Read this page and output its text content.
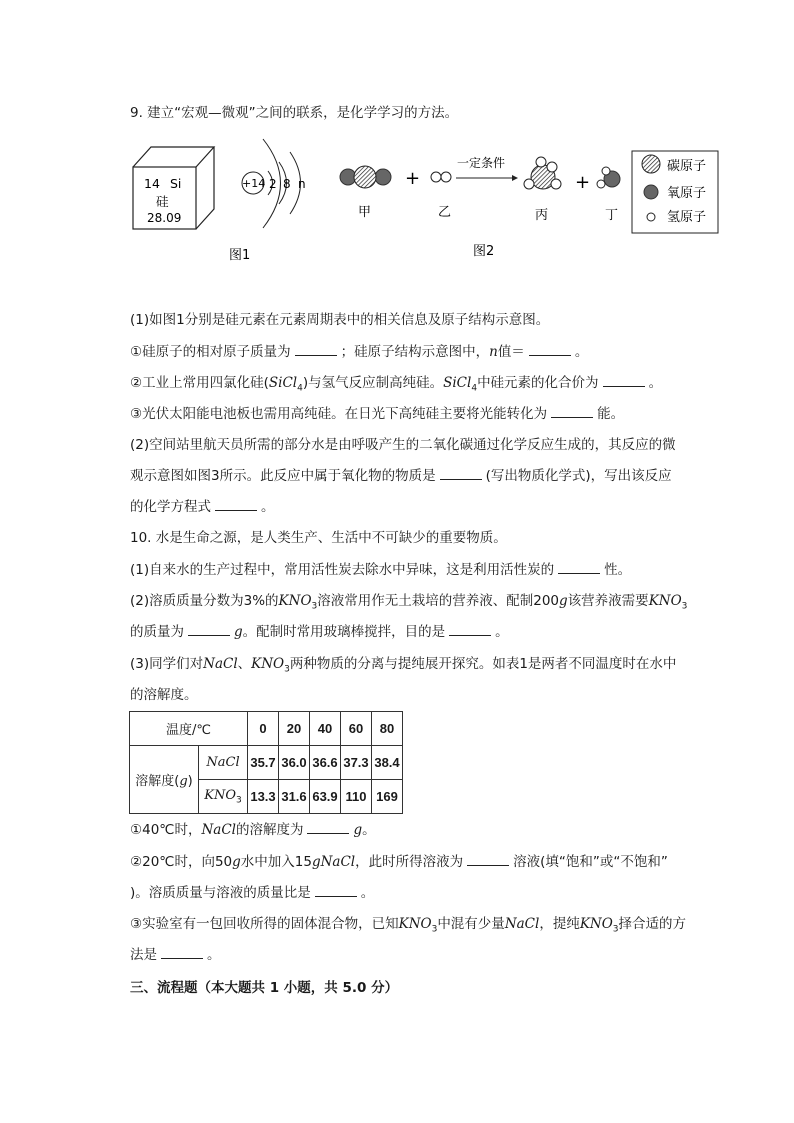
9. 建立“宏观—微观”之间的联系，是化学学习的方法。
14 Si
硅
28.09
+14 2 8 n
图1
甲
+
乙
一定条件
丙
+
丁
图2
碳原子
氧原子
氢原子
(1)如图1分别是硅元素在元素周期表中的相关信息及原子结构示意图。
①硅原子的相对原子质量为	；硅原子结构示意图中，n值＝	。
②工业上常用四氯化硅(SiCl$_4$)与氢气反应制高纯硅。SiCl$_4$中硅元素的化合价为	。
③光伏太阳能电池板也需用高纯硅。在日光下高纯硅主要将光能转化为	能。
(2)空间站里航天员所需的部分水是由呼吸产生的二氧化碳通过化学反应生成的，其反应的微
观示意图如图3所示。此反应中属于氧化物的物质是	(写出物质化学式)，写出该反应
的化学方程式	。
10. 水是生命之源，是人类生产、生活中不可缺少的重要物质。
(1)自来水的生产过程中，常用活性炭去除水中异味，这是利用活性炭的	性。
(2)溶质质量分数为3%的$KNO_3$溶液常用作无土栽培的营养液、配制200g该营养液需要$KNO_3$
的质量为	g。配制时常用玻璃棒搅拌，目的是	。
(3)同学们对NaCl、$KNO_3$两种物质的分离与提纯展开探究。如表1是两者不同温度时在水中
的溶解度。
温度/℃		0	20	40	60	80
溶解度(g)	NaCl	35.7	36.0	36.6	37.3	38.4
	$KNO_3$	13.3	31.6	63.9	110	169
①40℃时，NaCl的溶解度为	g。
②20℃时，向50g水中加入15gNaCl，此时所得溶液为	溶液(填“饱和”或“不饱和”
)。溶质质量与溶液的质量比是	。
③实验室有一包回收所得的固体混合物，已知$KNO_3$中混有少量NaCl，提纯$KNO_3$择合适的方
法是	。
三、流程题（本大题共 1 小题，共 5.0 分）
